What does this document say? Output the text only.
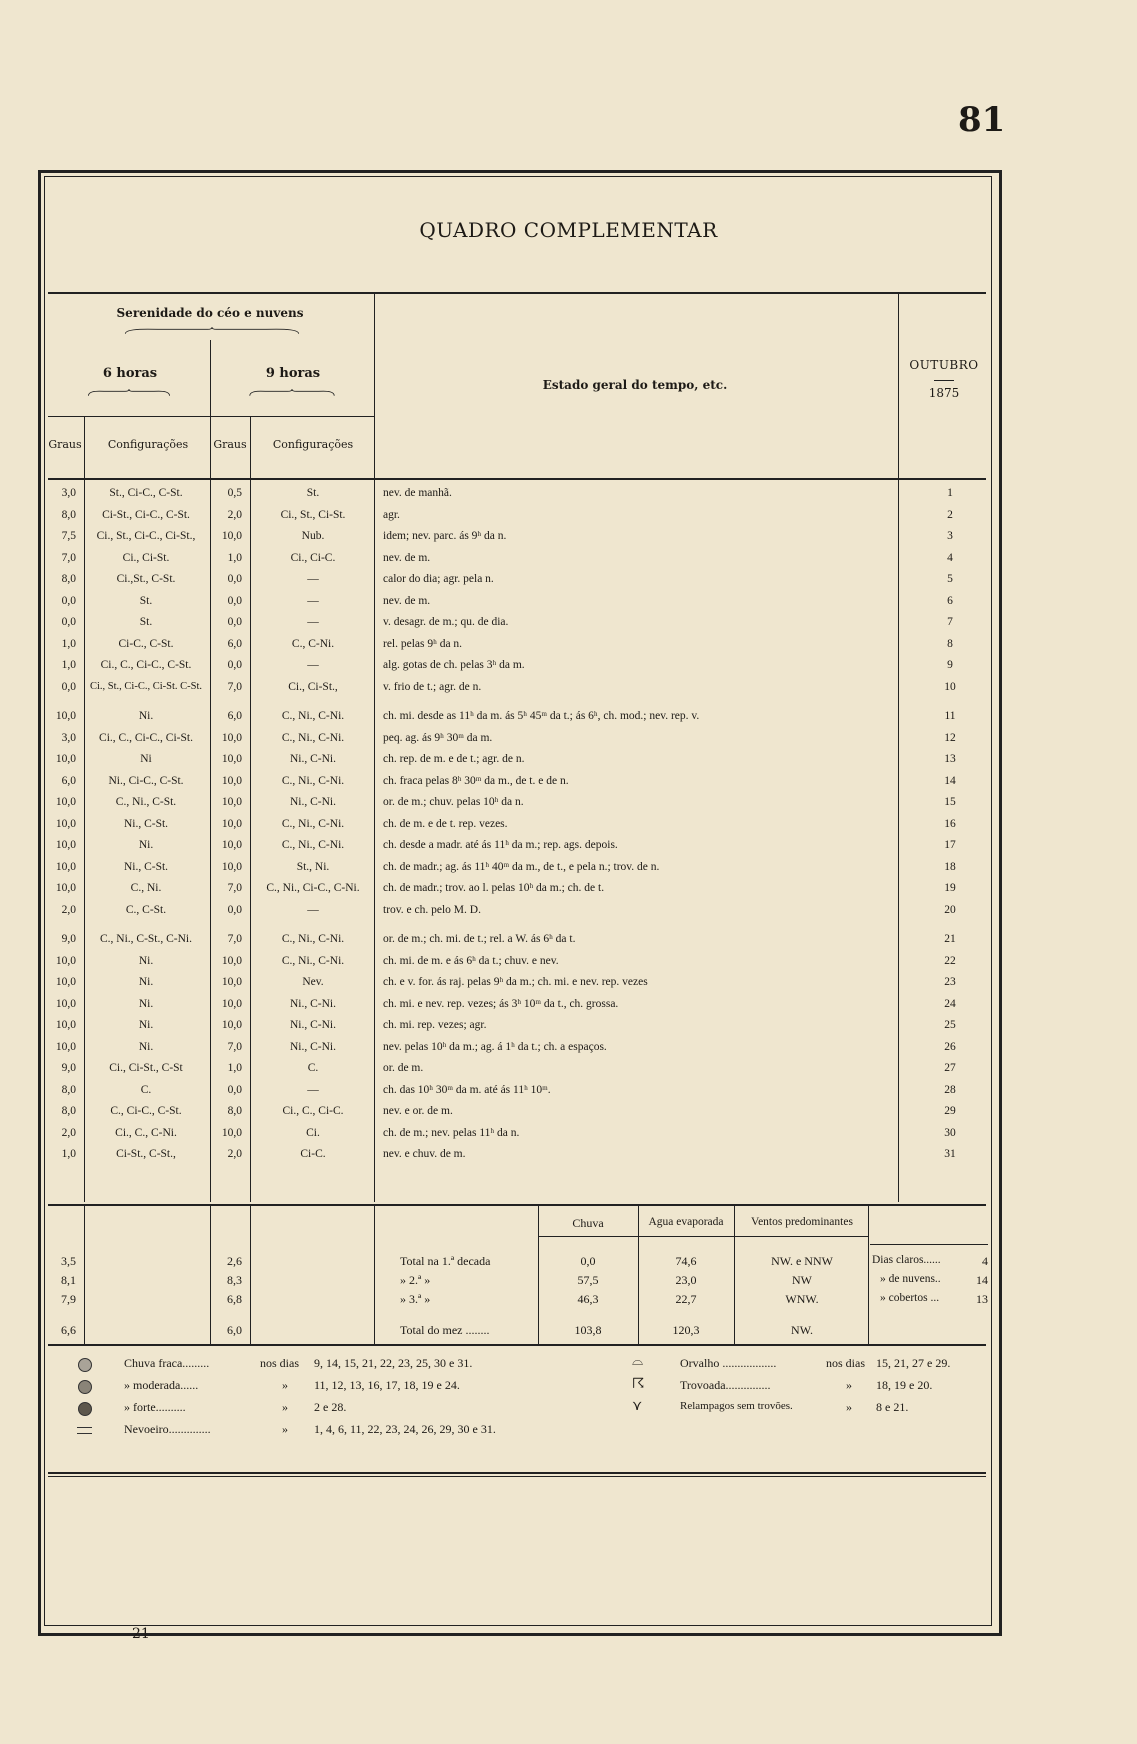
81
QUADRO COMPLEMENTAR
Serenidade do céo e nuvens
6 horas	9 horas
Graus	Configurações	Graus	Configurações
Estado geral do tempo, etc.
OUTUBRO
1875
3,0	St., Ci-C., C-St.	0,5	St.	nev. de manhã.	1
8,0	Ci-St., Ci-C., C-St.	2,0	Ci., St., Ci-St.	agr.	2
7,5	Ci., St., Ci-C., Ci-St.,	10,0	Nub.	idem; nev. parc. ás 9ʰ da n.	3
7,0	Ci., Ci-St.	1,0	Ci., Ci-C.	nev. de m.	4
8,0	Ci.,St., C-St.	0,0	—	calor do dia; agr. pela n.	5
0,0	St.	0,0	—	nev. de m.	6
0,0	St.	0,0	—	v. desagr. de m.; qu. de dia.	7
1,0	Ci-C., C-St.	6,0	C., C-Ni.	rel. pelas 9ʰ da n.	8
1,0	Ci., C., Ci-C., C-St.	0,0	—	alg. gotas de ch. pelas 3ʰ da m.	9
0,0	Ci., St., Ci-C., Ci-St. C-St.	7,0	Ci., Ci-St.,	v. frio de t.; agr. de n.	10
10,0	Ni.	6,0	C., Ni., C-Ni.	ch. mi. desde as 11ʰ da m. ás 5ʰ 45ᵐ da t.; ás 6ʰ, ch. mod.; nev. rep. v.	11
3,0	Ci., C., Ci-C., Ci-St.	10,0	C., Ni., C-Ni.	peq. ag. ás 9ʰ 30ᵐ da m.	12
10,0	Ni	10,0	Ni., C-Ni.	ch. rep. de m. e de t.; agr. de n.	13
6,0	Ni., Ci-C., C-St.	10,0	C., Ni., C-Ni.	ch. fraca pelas 8ʰ 30ᵐ da m., de t. e de n.	14
10,0	C., Ni., C-St.	10,0	Ni., C-Ni.	or. de m.; chuv. pelas 10ʰ da n.	15
10,0	Ni., C-St.	10,0	C., Ni., C-Ni.	ch. de m. e de t. rep. vezes.	16
10,0	Ni.	10,0	C., Ni., C-Ni.	ch. desde a madr. até ás 11ʰ da m.; rep. ags. depois.	17
10,0	Ni., C-St.	10,0	St., Ni.	ch. de madr.; ag. ás 11ʰ 40ᵐ da m., de t., e pela n.; trov. de n.	18
10,0	C., Ni.	7,0	C., Ni., Ci-C., C-Ni.	ch. de madr.; trov. ao l. pelas 10ʰ da m.; ch. de t.	19
2,0	C., C-St.	0,0	—	trov. e ch. pelo M. D.	20
9,0	C., Ni., C-St., C-Ni.	7,0	C., Ni., C-Ni.	or. de m.; ch. mi. de t.; rel. a W. ás 6ʰ da t.	21
10,0	Ni.	10,0	C., Ni., C-Ni.	ch. mi. de m. e ás 6ʰ da t.; chuv. e nev.	22
10,0	Ni.	10,0	Nev.	ch. e v. for. ás raj. pelas 9ʰ da m.; ch. mi. e nev. rep. vezes	23
10,0	Ni.	10,0	Ni., C-Ni.	ch. mi. e nev. rep. vezes; ás 3ʰ 10ᵐ da t., ch. grossa.	24
10,0	Ni.	10,0	Ni., C-Ni.	ch. mi. rep. vezes; agr.	25
10,0	Ni.	7,0	Ni., C-Ni.	nev. pelas 10ʰ da m.; ag. á 1ʰ da t.; ch. a espaços.	26
9,0	Ci., Ci-St., C-St	1,0	C.	or. de m.	27
8,0	C.	0,0	—	ch. das 10ʰ 30ᵐ da m. até ás 11ʰ 10ᵐ.	28
8,0	C., Ci-C., C-St.	8,0	Ci., C., Ci-C.	nev. e or. de m.	29
2,0	Ci., C., C-Ni.	10,0	Ci.	ch. de m.; nev. pelas 11ʰ da n.	30
1,0	Ci-St., C-St.,	2,0	Ci-C.	nev. e chuv. de m.	31
Chuva	Agua evaporada	Ventos predominantes
3,5	2,6	Total na 1.ª decada	0,0	74,6	NW. e NNW
8,1	8,3	» 2.ª »	57,5	23,0	NW
7,9	6,8	» 3.ª »	46,3	22,7	WNW.
6,6	6,0	Total do mez ........	103,8	120,3	NW.
Dias claros......	4
» de nuvens..	14
» cobertos ...	13
Chuva fraca.........	nos dias 9, 14, 15, 21, 22, 23, 25, 30 e 31.
» moderada......	» 11, 12, 13, 16, 17, 18, 19 e 24.
» forte..........	» 2 e 28.
Nevoeiro..............	» 1, 4, 6, 11, 22, 23, 24, 26, 29, 30 e 31.
⌓	Orvalho ..................	nos dias 15, 21, 27 e 29.
☈	Trovoada...............	» 18, 19 e 20.
⋎	Relampagos sem trovões.	» 8 e 21.
21
